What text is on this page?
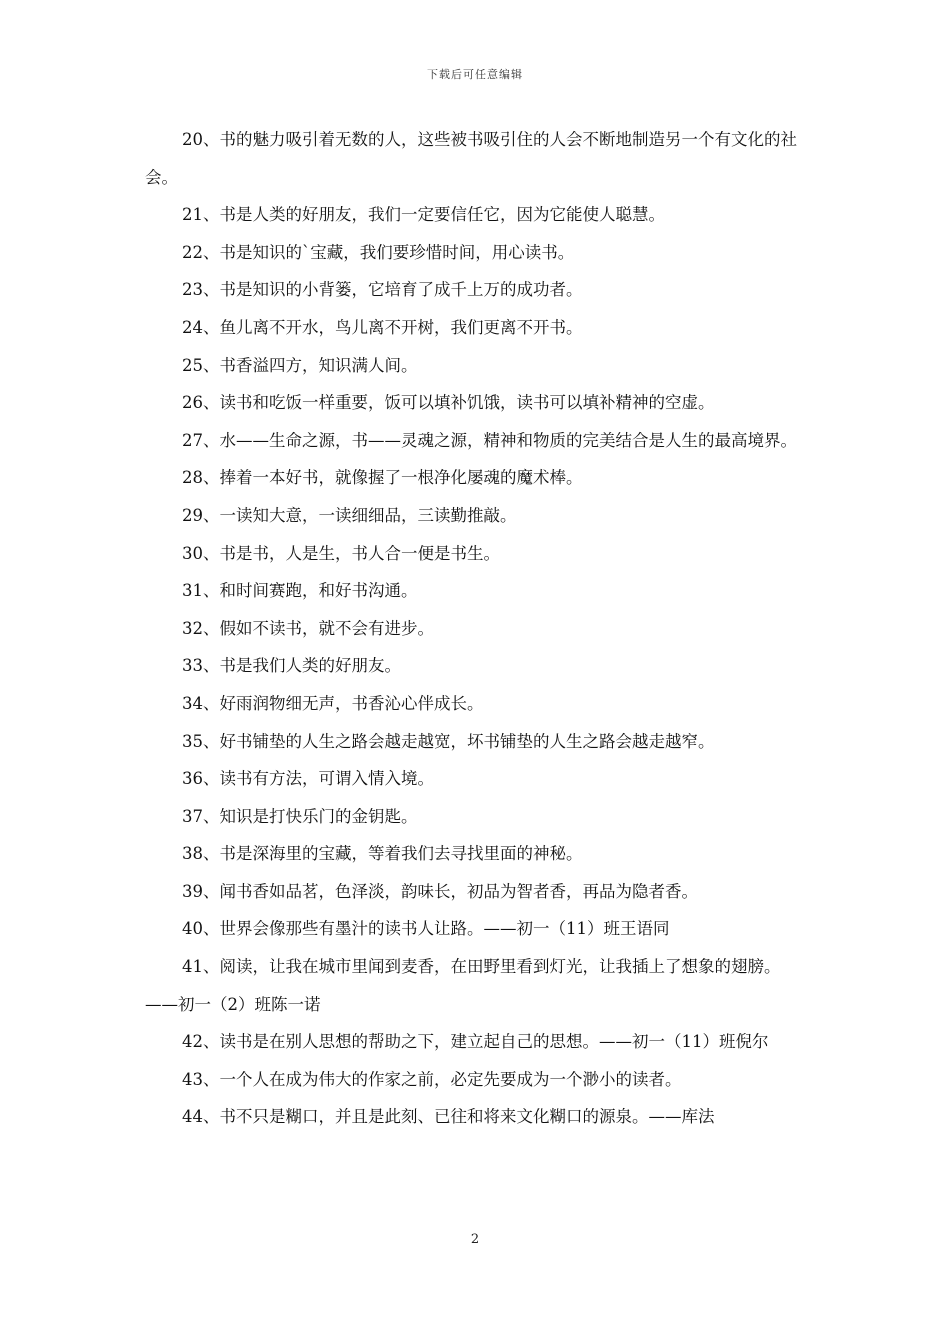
下载后可任意编辑

20、书的魅力吸引着无数的人，这些被书吸引住的人会不断地制造另一个有文化的社会。

21、书是人类的好朋友，我们一定要信任它，因为它能使人聪慧。

22、书是知识的`宝藏，我们要珍惜时间，用心读书。

23、书是知识的小背篓，它培育了成千上万的成功者。

24、鱼儿离不开水，鸟儿离不开树，我们更离不开书。

25、书香溢四方，知识满人间。

26、读书和吃饭一样重要，饭可以填补饥饿，读书可以填补精神的空虚。

27、水——生命之源，书——灵魂之源，精神和物质的完美结合是人生的最高境界。

28、捧着一本好书，就像握了一根净化屡魂的魔术棒。

29、一读知大意，一读细细品，三读勤推敲。

30、书是书，人是生，书人合一便是书生。

31、和时间赛跑，和好书沟通。

32、假如不读书，就不会有进步。

33、书是我们人类的好朋友。

34、好雨润物细无声，书香沁心伴成长。

35、好书铺垫的人生之路会越走越宽，坏书铺垫的人生之路会越走越窄。

36、读书有方法，可谓入情入境。

37、知识是打快乐门的金钥匙。

38、书是深海里的宝藏，等着我们去寻找里面的神秘。

39、闻书香如品茗，色泽淡，韵味长，初品为智者香，再品为隐者香。

40、世界会像那些有墨汁的读书人让路。——初一（11）班王语同

41、阅读，让我在城市里闻到麦香，在田野里看到灯光，让我插上了想象的翅膀。——初一（2）班陈一诺

42、读书是在别人思想的帮助之下，建立起自己的思想。——初一（11）班倪尔

43、一个人在成为伟大的作家之前，必定先要成为一个渺小的读者。

44、书不只是糊口，并且是此刻、已往和将来文化糊口的源泉。——库法

2
